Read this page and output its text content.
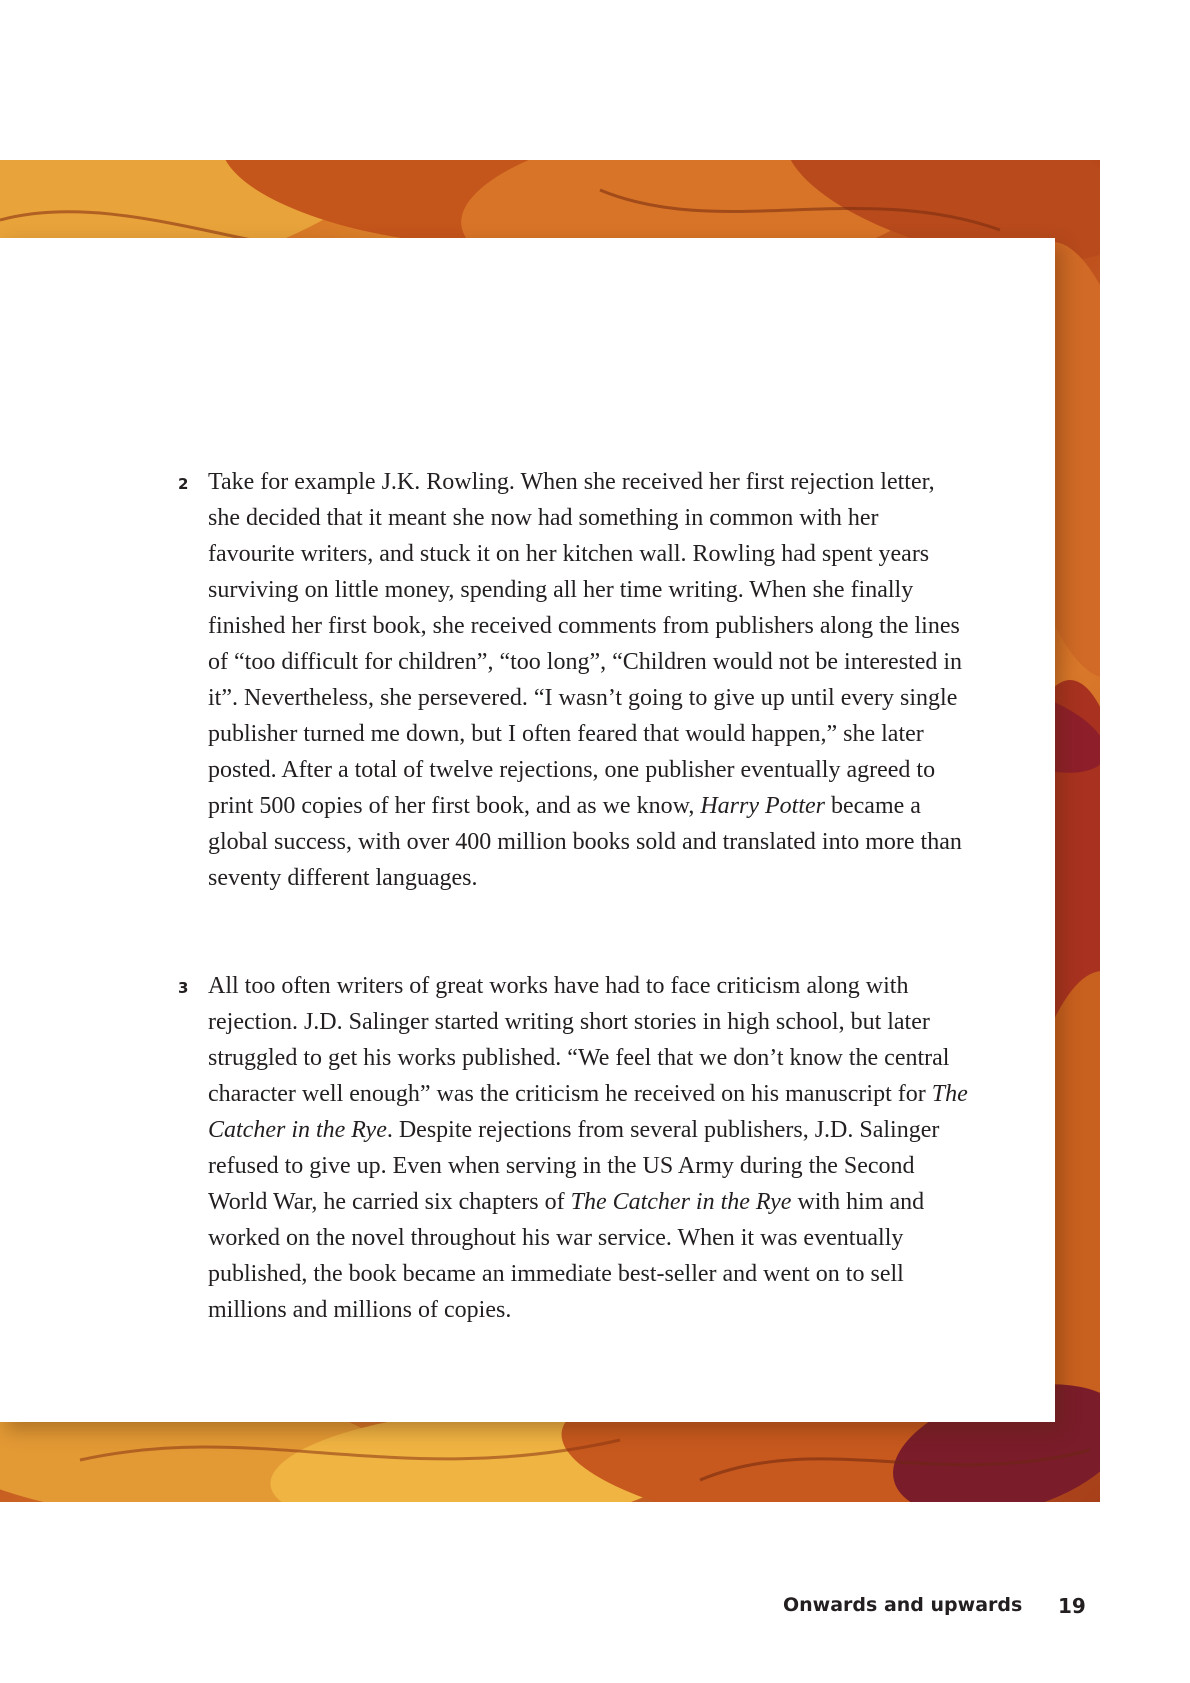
2 Take for example J.K. Rowling. When she received her first rejection letter, she decided that it meant she now had something in common with her favourite writers, and stuck it on her kitchen wall. Rowling had spent years surviving on little money, spending all her time writing. When she finally finished her first book, she received comments from publishers along the lines of “too difficult for children”, “too long”, “Children would not be interested in it”. Nevertheless, she persevered. “I wasn’t going to give up until every single publisher turned me down, but I often feared that would happen,” she later posted. After a total of twelve rejections, one publisher eventually agreed to print 500 copies of her first book, and as we know, Harry Potter became a global success, with over 400 million books sold and translated into more than seventy different languages.

3 All too often writers of great works have had to face criticism along with rejection. J.D. Salinger started writing short stories in high school, but later struggled to get his works published. “We feel that we don’t know the central character well enough” was the criticism he received on his manuscript for The Catcher in the Rye. Despite rejections from several publishers, J.D. Salinger refused to give up. Even when serving in the US Army during the Second World War, he carried six chapters of The Catcher in the Rye with him and worked on the novel throughout his war service. When it was eventually published, the book became an immediate best-seller and went on to sell millions and millions of copies.

Onwards and upwards 19
